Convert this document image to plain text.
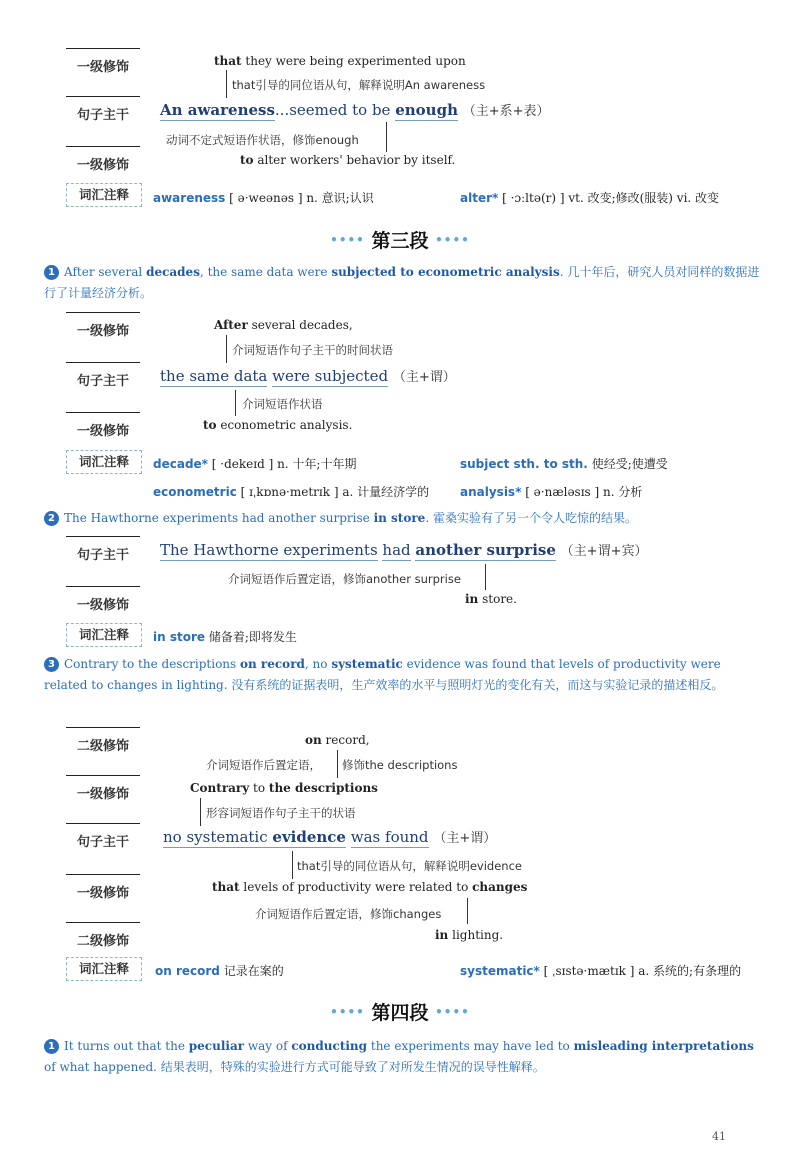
一级修饰	that they were being experimented upon
that引导的同位语从句，解释说明An awareness
句子主干	An awareness...seemed to be enough （主+系+表）
动词不定式短语作状语，修饰enough
一级修饰	to alter workers' behavior by itself.
词汇注释	awareness [ ə·weənəs ] n. 意识;认识	alter* [ ·ɔːltə(r) ] vt. 改变;修改(服装) vi. 改变
•••• 第三段 ••••
1 After several decades, the same data were subjected to econometric analysis. 几十年后，研究人员对同样的数据进行了计量经济分析。
一级修饰	After several decades,
介词短语作句子主干的时间状语
句子主干	the same data were subjected （主+谓）
介词短语作状语
一级修饰	to econometric analysis.
词汇注释	decade* [ ·dekeɪd ] n. 十年;十年期	subject sth. to sth. 使经受;使遭受
econometric [ ɪˌkɒnə·metrɪk ] a. 计量经济学的	analysis* [ ə·næləsɪs ] n. 分析
2 The Hawthorne experiments had another surprise in store. 霍桑实验有了另一个令人吃惊的结果。
句子主干	The Hawthorne experiments had another surprise （主+谓+宾）
介词短语作后置定语，修饰another surprise
一级修饰	in store.
词汇注释	in store 储备着;即将发生
3 Contrary to the descriptions on record, no systematic evidence was found that levels of productivity were related to changes in lighting. 没有系统的证据表明，生产效率的水平与照明灯光的变化有关，而这与实验记录的描述相反。
二级修饰	on record,
介词短语作后置定语， 修饰the descriptions
一级修饰	Contrary to the descriptions
形容词短语作句子主干的状语
句子主干	no systematic evidence was found （主+谓）
that引导的同位语从句，解释说明evidence
一级修饰	that levels of productivity were related to changes
介词短语作后置定语，修饰changes
二级修饰	in lighting.
词汇注释	on record 记录在案的	systematic* [ ˌsɪstə·mætɪk ] a. 系统的;有条理的
•••• 第四段 ••••
1 It turns out that the peculiar way of conducting the experiments may have led to misleading interpretations of what happened. 结果表明，特殊的实验进行方式可能导致了对所发生情况的误导性解释。
41
